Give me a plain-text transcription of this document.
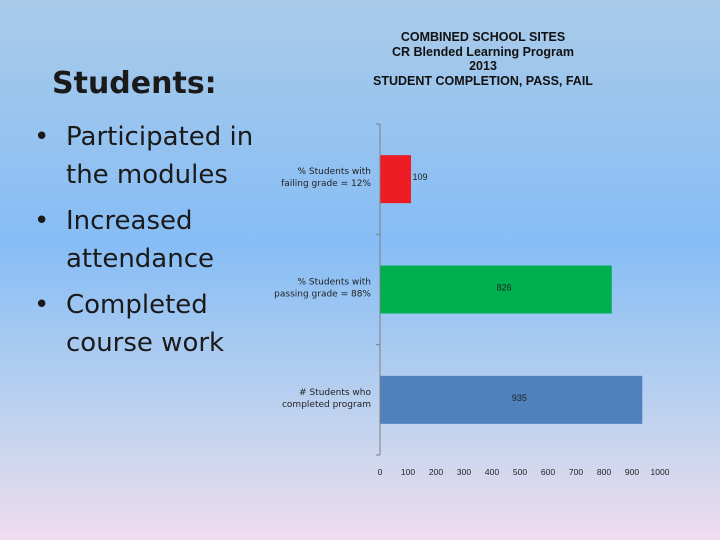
Students:
• Participated in the modules
• Increased attendance
• Completed course work
COMBINED SCHOOL SITES
CR Blended Learning Program
2013
STUDENT COMPLETION, PASS, FAIL
109
% Students with
failing grade = 12%
826
% Students with
passing grade = 88%
935
# Students who
completed program
0 100 200 300 400 500 600 700 800 900 1000
